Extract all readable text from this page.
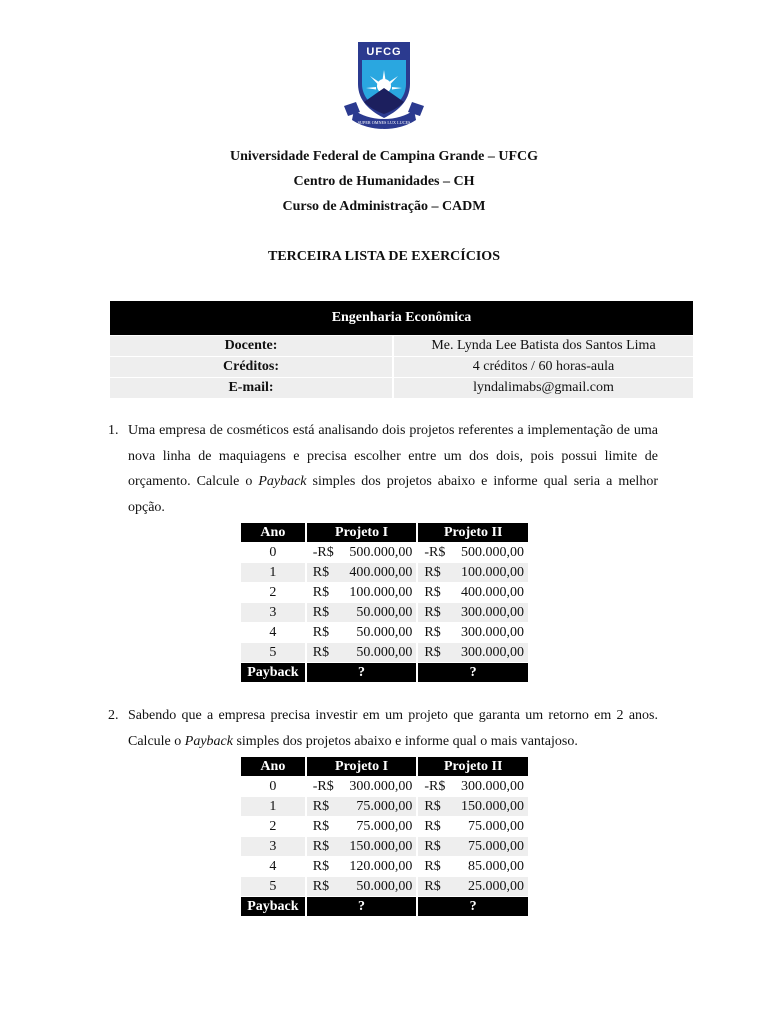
UFCG
SUPER OMNES LUX LUCES
Universidade Federal de Campina Grande – UFCG
Centro de Humanidades – CH
Curso de Administração – CADM
TERCEIRA LISTA DE EXERCÍCIOS
Engenharia Econômica	
Docente:	Me. Lynda Lee Batista dos Santos Lima
Créditos:	4 créditos / 60 horas-aula
E-mail:	lyndalimabs@gmail.com
1. Uma empresa de cosméticos está analisando dois projetos referentes a implementação de uma nova linha de maquiagens e precisa escolher entre um dos dois, pois possui limite de orçamento. Calcule o Payback simples dos projetos abaixo e informe qual seria a melhor opção.
Ano	Projeto I	Projeto II
0	-R$ 500.000,00	-R$ 500.000,00

1	R$ 400.000,00	R$ 100.000,00

2	R$ 100.000,00	R$ 400.000,00

3	R$ 50.000,00	R$ 300.000,00

4	R$ 50.000,00	R$ 300.000,00

5	R$ 50.000,00	R$ 300.000,00

Payback	?	?
2. Sabendo que a empresa precisa investir em um projeto que garanta um retorno em 2 anos. Calcule o Payback simples dos projetos abaixo e informe qual o mais vantajoso.
Ano	Projeto I	Projeto II
0	-R$ 300.000,00	-R$ 300.000,00

1	R$ 75.000,00	R$ 150.000,00

2	R$ 75.000,00	R$ 75.000,00

3	R$ 150.000,00	R$ 75.000,00

4	R$ 120.000,00	R$ 85.000,00

5	R$ 50.000,00	R$ 25.000,00

Payback	?	?
